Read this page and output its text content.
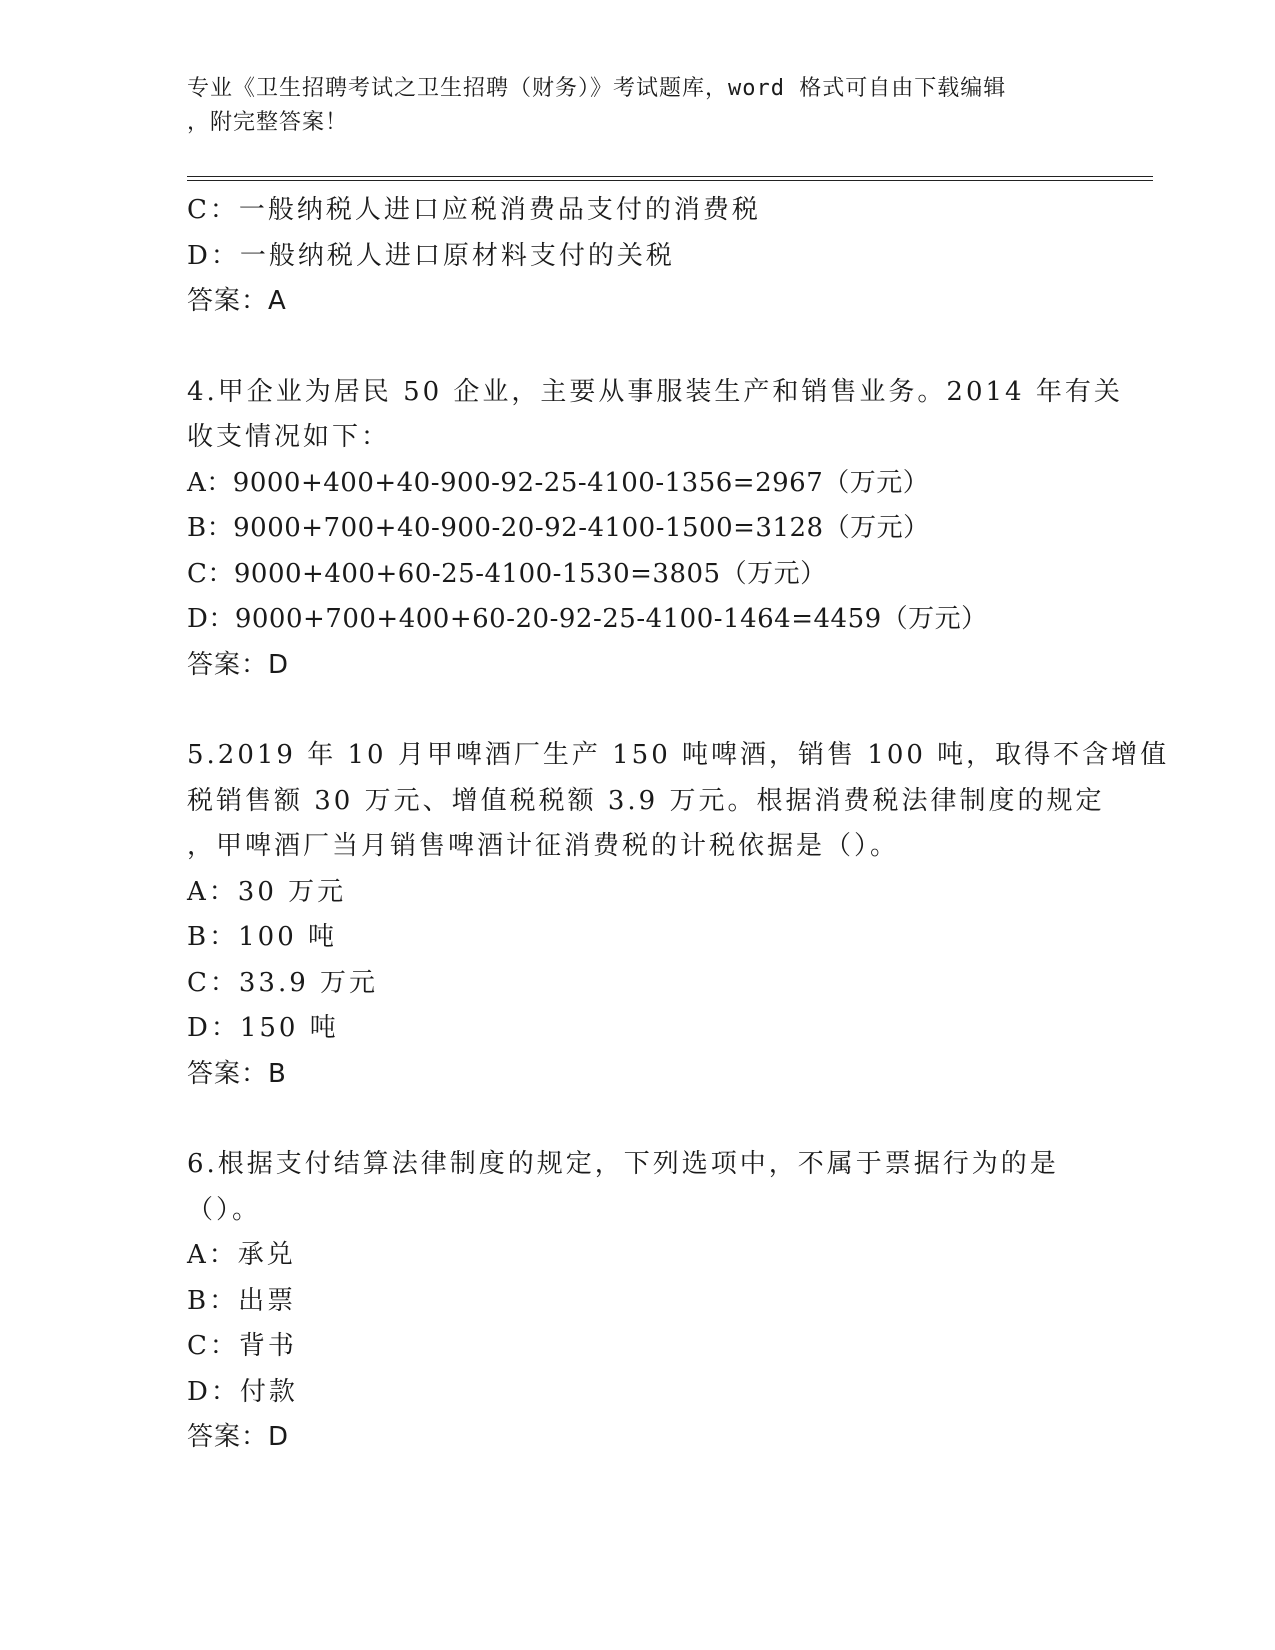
专业《卫生招聘考试之卫生招聘（财务）》考试题库，word 格式可自由下载编辑
，附完整答案！
C：一般纳税人进口应税消费品支付的消费税
D：一般纳税人进口原材料支付的关税
答案：A
4.甲企业为居民 50 企业，主要从事服装生产和销售业务。2014 年有关
收支情况如下：
A：9000+400+40-900-92-25-4100-1356=2967（万元）
B：9000+700+40-900-20-92-4100-1500=3128（万元）
C：9000+400+60-25-4100-1530=3805（万元）
D：9000+700+400+60-20-92-25-4100-1464=4459（万元）
答案：D
5.2019 年 10 月甲啤酒厂生产 150 吨啤酒，销售 100 吨，取得不含增值
税销售额 30 万元、增值税税额 3.9 万元。根据消费税法律制度的规定
，甲啤酒厂当月销售啤酒计征消费税的计税依据是（）。
A：30 万元
B：100 吨
C：33.9 万元
D：150 吨
答案：B
6.根据支付结算法律制度的规定，下列选项中，不属于票据行为的是
（）。
A：承兑
B：出票
C：背书
D：付款
答案：D
